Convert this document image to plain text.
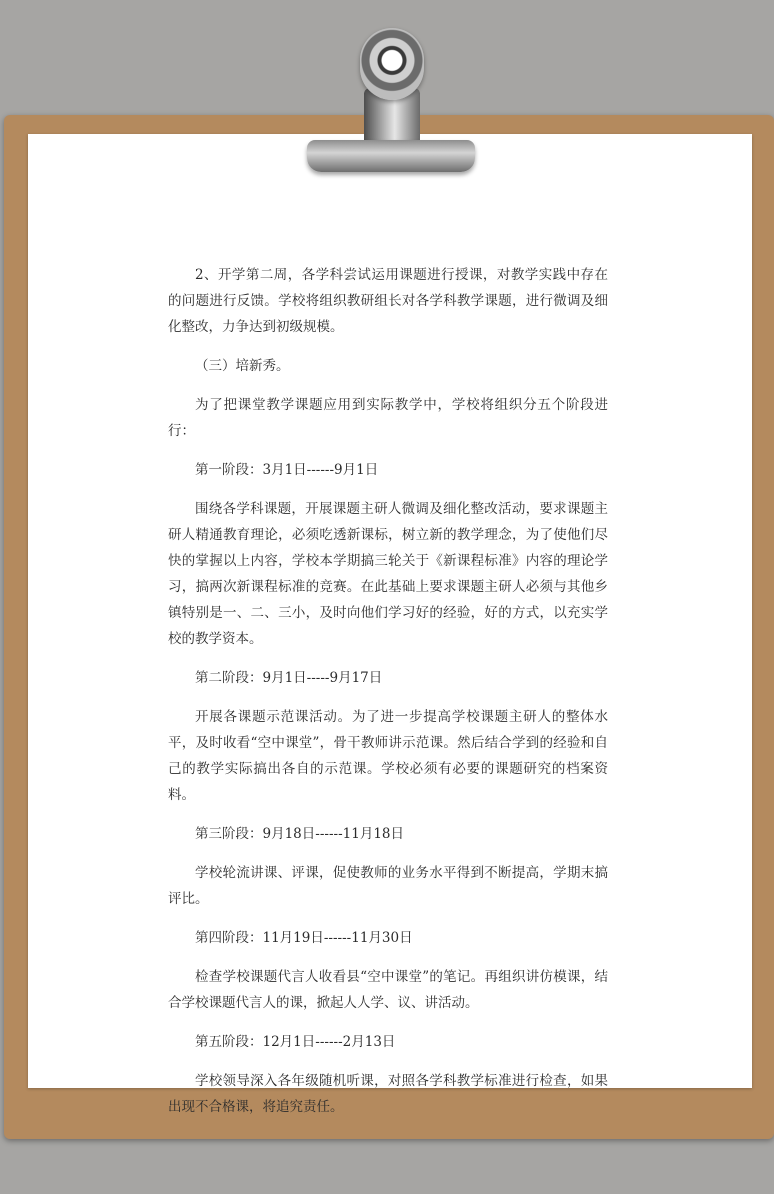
2、开学第二周，各学科尝试运用课题进行授课，对教学实践中存在的问题进行反馈。学校将组织教研组长对各学科教学课题，进行微调及细化整改，力争达到初级规模。

（三）培新秀。

为了把课堂教学课题应用到实际教学中，学校将组织分五个阶段进行：

第一阶段：3月1日------9月1日

围绕各学科课题，开展课题主研人微调及细化整改活动，要求课题主研人精通教育理论，必须吃透新课标，树立新的教学理念，为了使他们尽快的掌握以上内容，学校本学期搞三轮关于《新课程标准》内容的理论学习，搞两次新课程标准的竞赛。在此基础上要求课题主研人必须与其他乡镇特别是一、二、三小，及时向他们学习好的经验，好的方式，以充实学校的教学资本。

第二阶段：9月1日-----9月17日

开展各课题示范课活动。为了进一步提高学校课题主研人的整体水平，及时收看“空中课堂”，骨干教师讲示范课。然后结合学到的经验和自己的教学实际搞出各自的示范课。学校必须有必要的课题研究的档案资料。

第三阶段：9月18日------11月18日

学校轮流讲课、评课，促使教师的业务水平得到不断提高，学期末搞评比。

第四阶段：11月19日------11月30日

检查学校课题代言人收看县“空中课堂”的笔记。再组织讲仿模课，结合学校课题代言人的课，掀起人人学、议、讲活动。

第五阶段：12月1日------2月13日

学校领导深入各年级随机听课，对照各学科教学标准进行检查，如果出现不合格课，将追究责任。
